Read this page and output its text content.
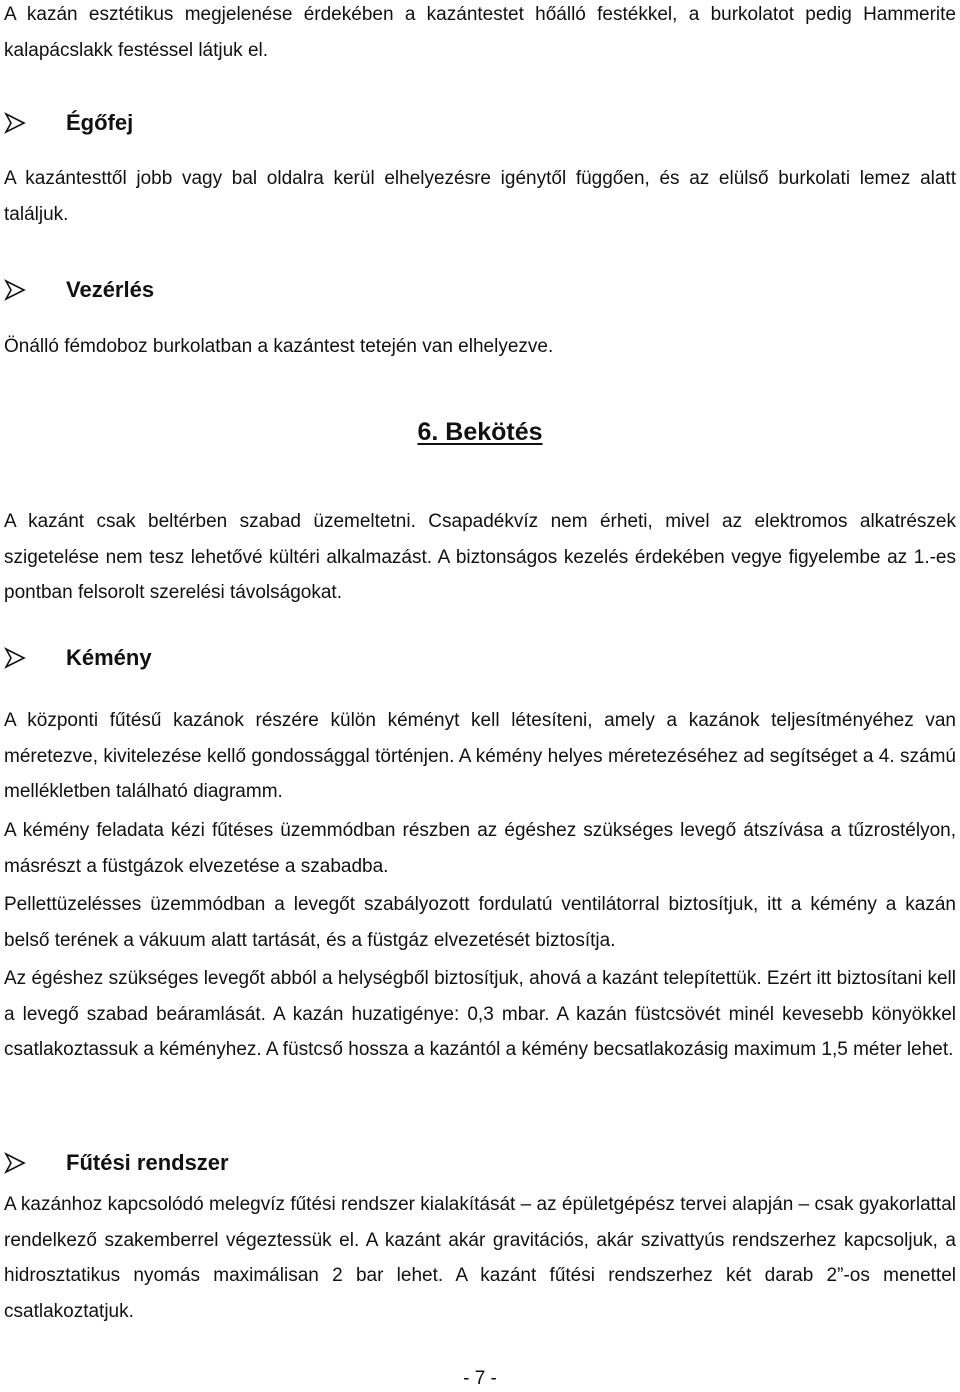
A kazán esztétikus megjelenése érdekében a kazántestet hőálló festékkel, a burkolatot pedig Hammerite kalapácslakk festéssel látjuk el.

Égőfej

A kazántesttől jobb vagy bal oldalra kerül elhelyezésre igénytől függően, és az elülső burkolati lemez alatt találjuk.

Vezérlés

Önálló fémdoboz burkolatban a kazántest tetején van elhelyezve.

6. Bekötés

A kazánt csak beltérben szabad üzemeltetni. Csapadékvíz nem érheti, mivel az elektromos alkatrészek szigetelése nem tesz lehetővé kültéri alkalmazást. A biztonságos kezelés érdekében vegye figyelembe az 1.-es pontban felsorolt szerelési távolságokat.

Kémény

A központi fűtésű kazánok részére külön kéményt kell létesíteni, amely a kazánok teljesítményéhez van méretezve, kivitelezése kellő gondossággal történjen. A kémény helyes méretezéséhez ad segítséget a 4. számú mellékletben található diagramm.

A kémény feladata kézi fűtéses üzemmódban részben az égéshez szükséges levegő átszívása a tűzrostélyon, másrészt a füstgázok elvezetése a szabadba.

Pellettüzelésses üzemmódban a levegőt szabályozott fordulatú ventilátorral biztosítjuk, itt a kémény a kazán belső terének a vákuum alatt tartását, és a füstgáz elvezetését biztosítja.

Az égéshez szükséges levegőt abból a helységből biztosítjuk, ahová a kazánt telepítettük. Ezért itt biztosítani kell a levegő szabad beáramlását. A kazán huzatigénye: 0,3 mbar. A kazán füstcsövét minél kevesebb könyökkel csatlakoztassuk a kéményhez. A füstcső hossza a kazántól a kémény becsatlakozásig maximum 1,5 méter lehet.

Fűtési rendszer

A kazánhoz kapcsolódó melegvíz fűtési rendszer kialakítását – az épületgépész tervei alapján – csak gyakorlattal rendelkező szakemberrel végeztessük el. A kazánt akár gravitációs, akár szivattyús rendszerhez kapcsoljuk, a hidrosztatikus nyomás maximálisan 2 bar lehet. A kazánt fűtési rendszerhez két darab 2”-os menettel csatlakoztatjuk.

- 7 -
